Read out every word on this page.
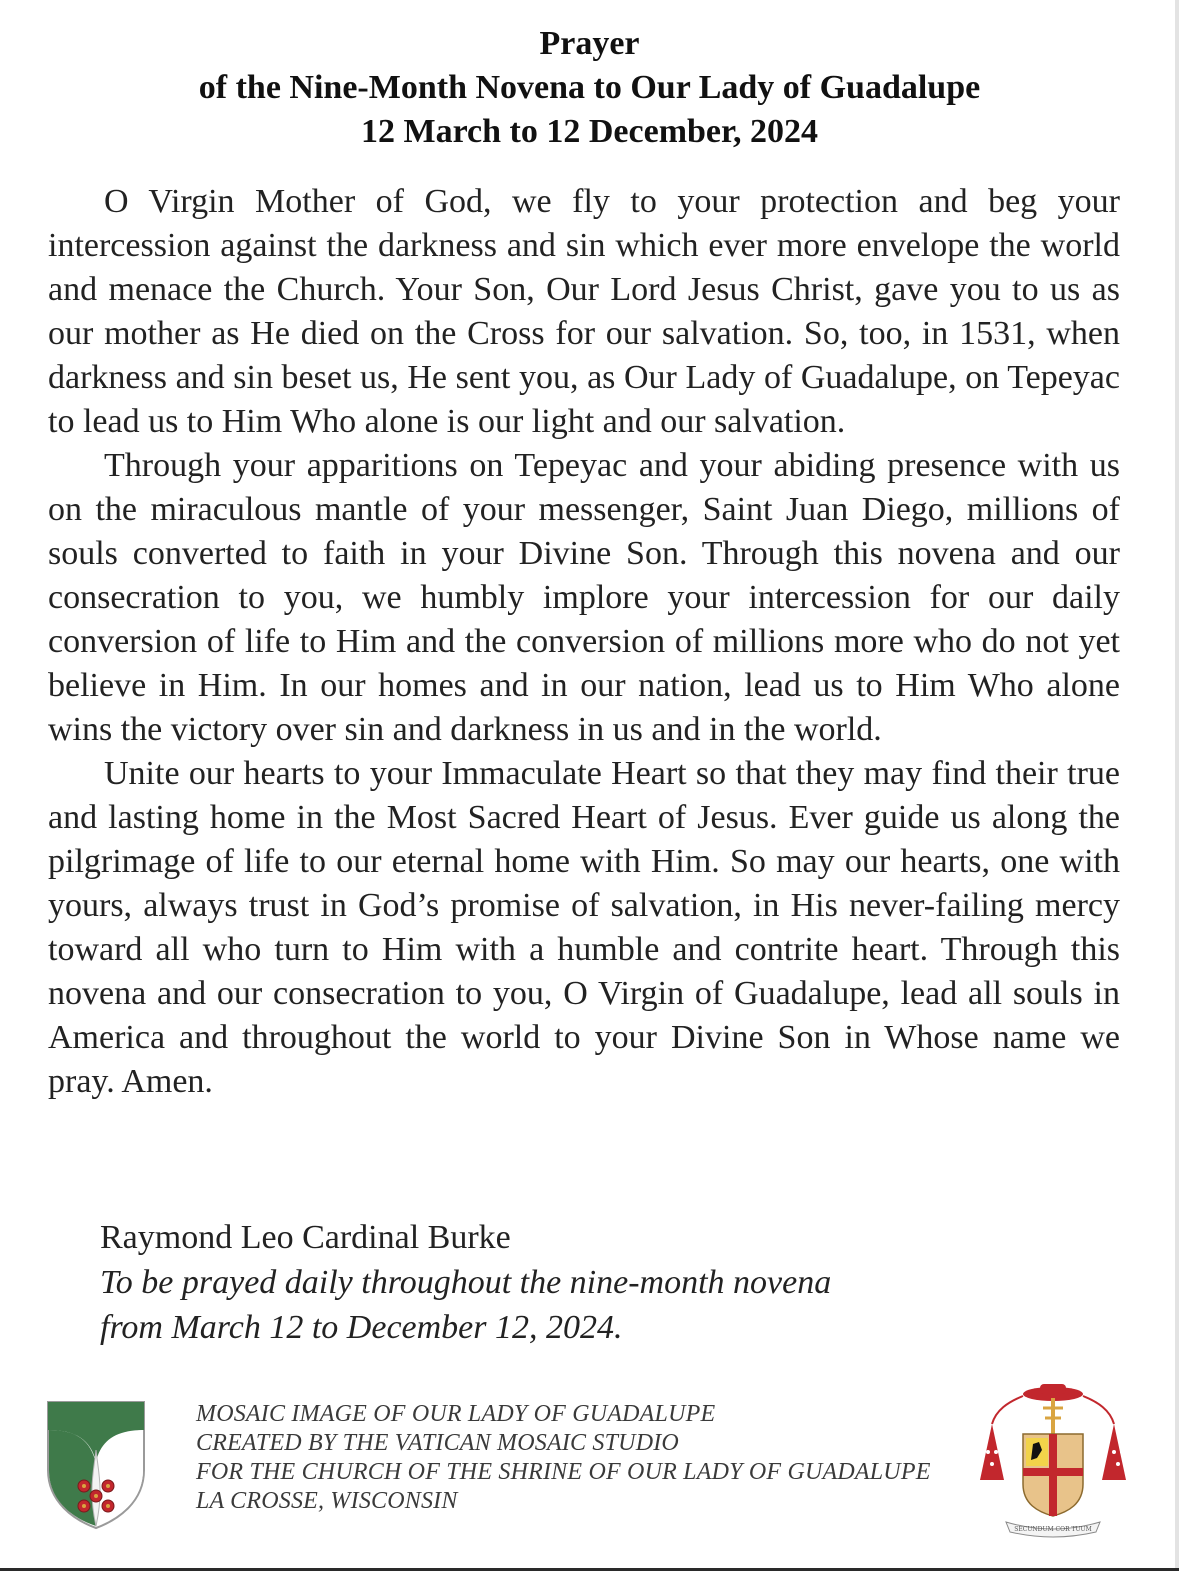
Prayer
of the Nine-Month Novena to Our Lady of Guadalupe
12 March to 12 December, 2024

O Virgin Mother of God, we fly to your protection and beg your intercession against the darkness and sin which ever more envelope the world and menace the Church. Your Son, Our Lord Jesus Christ, gave you to us as our mother as He died on the Cross for our salvation. So, too, in 1531, when darkness and sin beset us, He sent you, as Our Lady of Guadalupe, on Tepeyac to lead us to Him Who alone is our light and our salvation.

Through your apparitions on Tepeyac and your abiding presence with us on the miraculous mantle of your messenger, Saint Juan Diego, millions of souls converted to faith in your Divine Son. Through this novena and our consecration to you, we humbly implore your intercession for our daily conversion of life to Him and the conversion of millions more who do not yet believe in Him. In our homes and in our nation, lead us to Him Who alone wins the victory over sin and darkness in us and in the world.

Unite our hearts to your Immaculate Heart so that they may find their true and lasting home in the Most Sacred Heart of Jesus. Ever guide us along the pilgrimage of life to our eternal home with Him. So may our hearts, one with yours, always trust in God’s promise of salvation, in His never-failing mercy toward all who turn to Him with a humble and contrite heart. Through this novena and our consecration to you, O Virgin of Guadalupe, lead all souls in America and throughout the world to your Divine Son in Whose name we pray. Amen.

Raymond Leo Cardinal Burke
To be prayed daily throughout the nine-month novena
from March 12 to December 12, 2024.
MOSAIC IMAGE OF OUR LADY OF GUADALUPE
CREATED BY THE VATICAN MOSAIC STUDIO
FOR THE CHURCH OF THE SHRINE OF OUR LADY OF GUADALUPE
LA CROSSE, WISCONSIN
SECUNDUM COR TUUM
